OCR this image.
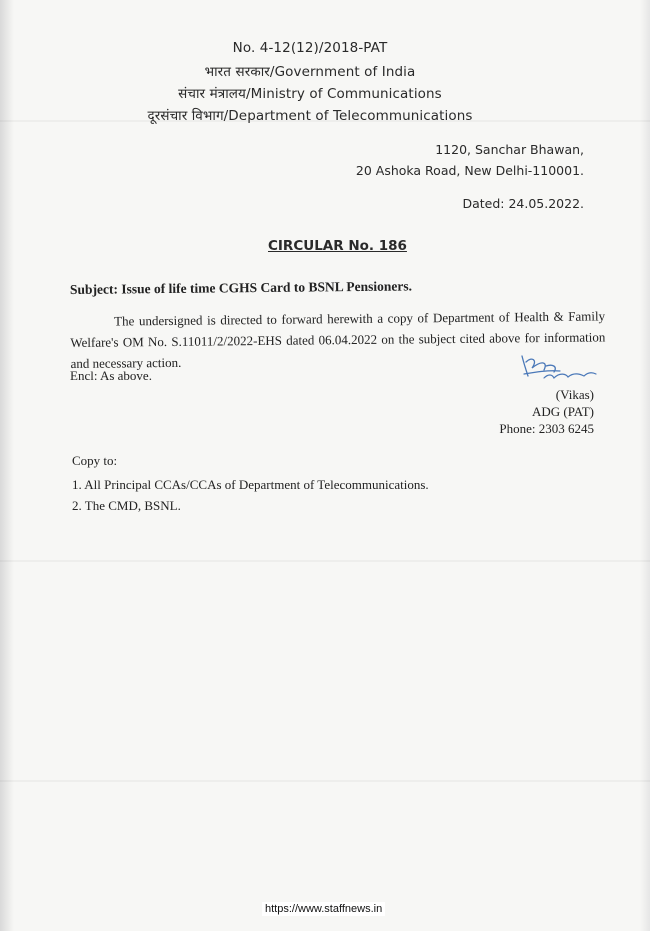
No. 4-12(12)/2018-PAT
भारत सरकार/Government of India
संचार मंत्रालय/Ministry of Communications
दूरसंचार विभाग/Department of Telecommunications
1120, Sanchar Bhawan,
20 Ashoka Road, New Delhi-110001.
Dated: 24.05.2022.
CIRCULAR No. 186
Subject: Issue of life time CGHS Card to BSNL Pensioners.

The undersigned is directed to forward herewith a copy of Department of Health & Family Welfare's OM No. S.11011/2/2022-EHS dated 06.04.2022 on the subject cited above for information and necessary action.

Encl: As above.
(Vikas)
ADG (PAT)
Phone: 2303 6245
Copy to:
1. All Principal CCAs/CCAs of Department of Telecommunications.
2. The CMD, BSNL.
https://www.staffnews.in
